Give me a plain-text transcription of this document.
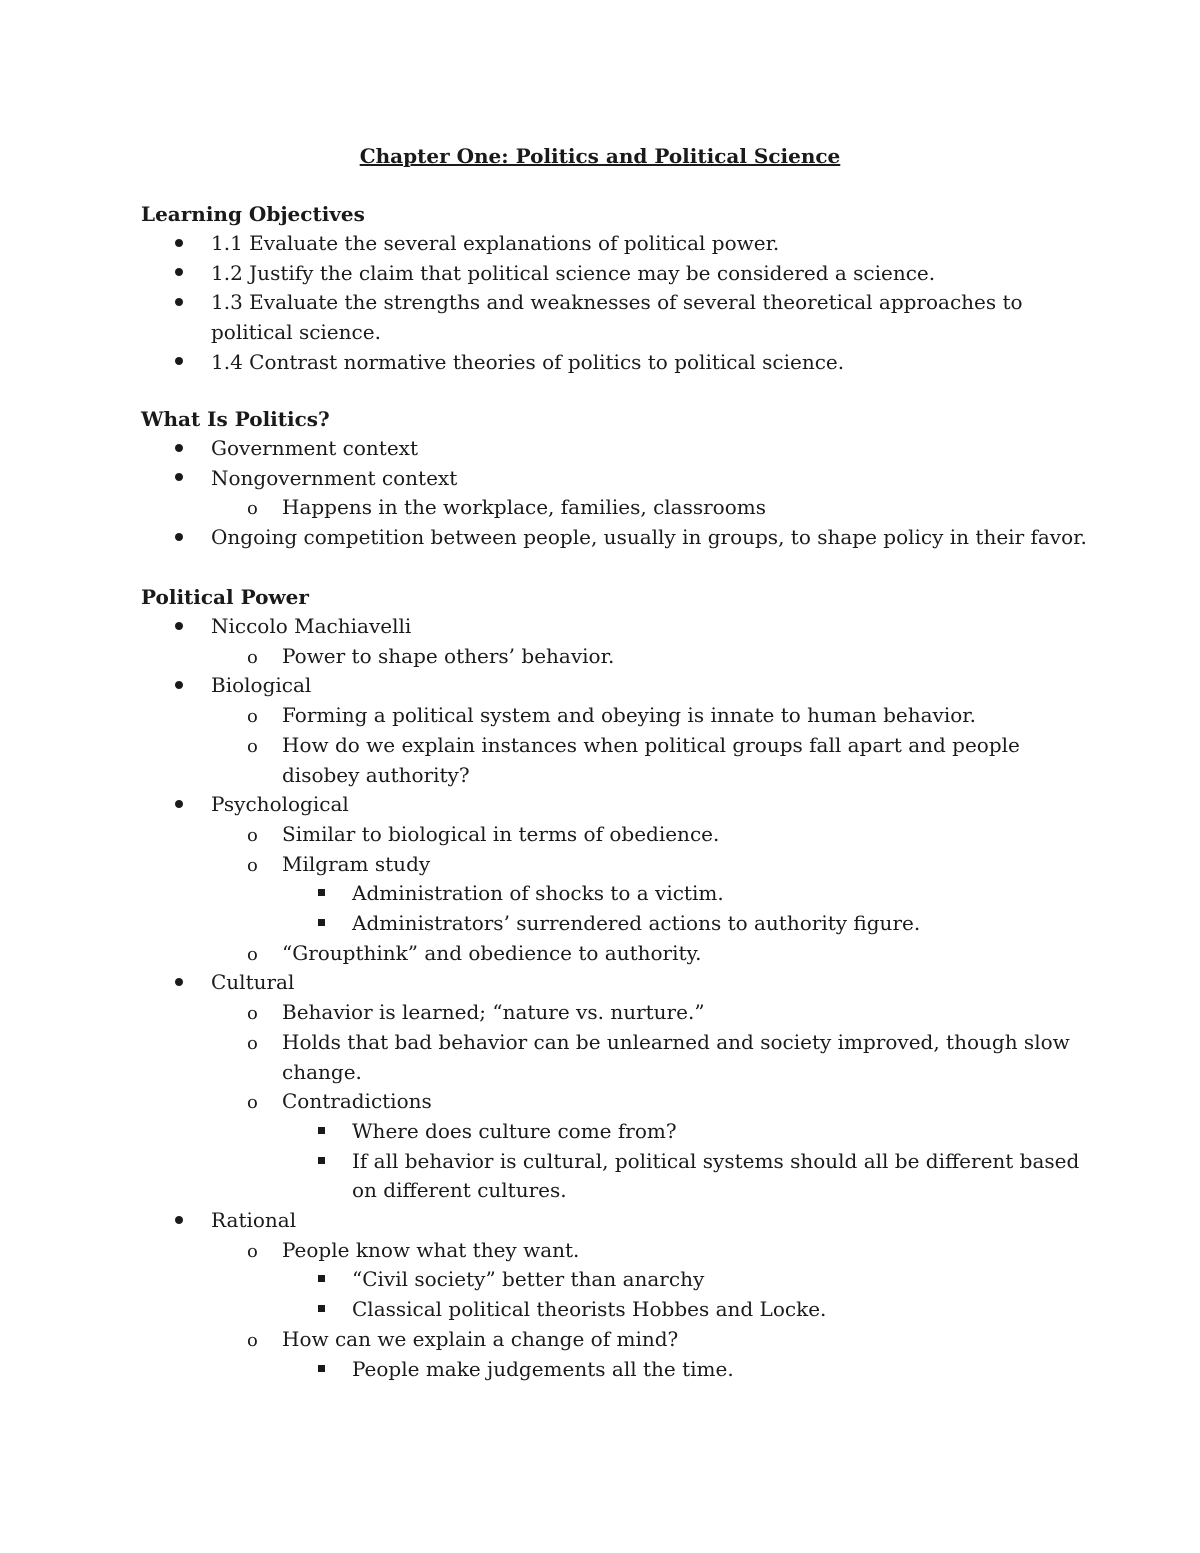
Chapter One: Politics and Political Science
Learning Objectives
1.1 Evaluate the several explanations of political power.
1.2 Justify the claim that political science may be considered a science.
1.3 Evaluate the strengths and weaknesses of several theoretical approaches to political science.
1.4 Contrast normative theories of politics to political science.
What Is Politics?
Government context
Nongovernment context
o Happens in the workplace, families, classrooms
Ongoing competition between people, usually in groups, to shape policy in their favor.
Political Power
Niccolo Machiavelli
o Power to shape others’ behavior.
Biological
o Forming a political system and obeying is innate to human behavior.
o How do we explain instances when political groups fall apart and people disobey authority?
Psychological
o Similar to biological in terms of obedience.
o Milgram study
Administration of shocks to a victim.
Administrators’ surrendered actions to authority figure.
o “Groupthink” and obedience to authority.
Cultural
o Behavior is learned; “nature vs. nurture.”
o Holds that bad behavior can be unlearned and society improved, though slow change.
o Contradictions
Where does culture come from?
If all behavior is cultural, political systems should all be different based on different cultures.
Rational
o People know what they want.
“Civil society” better than anarchy
Classical political theorists Hobbes and Locke.
o How can we explain a change of mind?
People make judgements all the time.
